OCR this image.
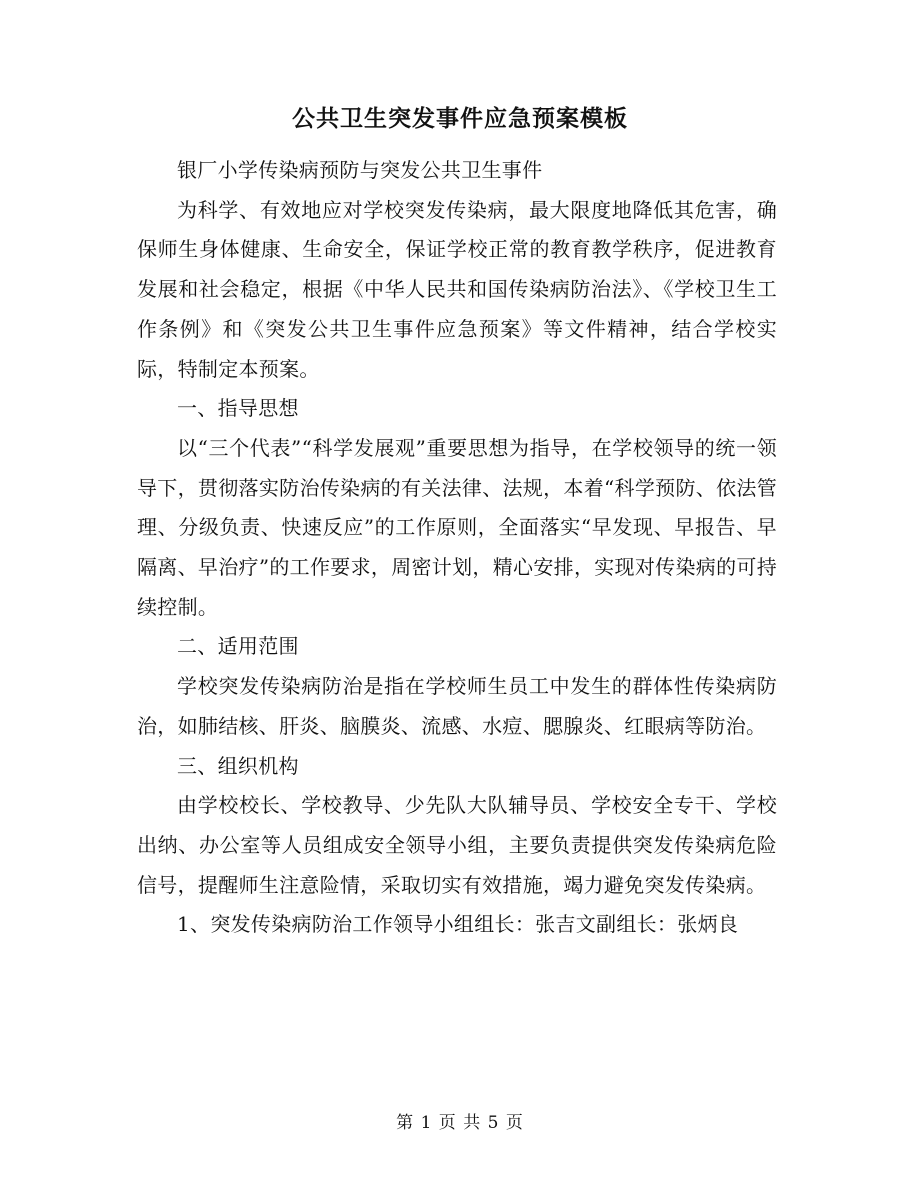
公共卫生突发事件应急预案模板

银厂小学传染病预防与突发公共卫生事件

为科学、有效地应对学校突发传染病，最大限度地降低其危害，确保师生身体健康、生命安全，保证学校正常的教育教学秩序，促进教育发展和社会稳定，根据《中华人民共和国传染病防治法》、《学校卫生工作条例》和《突发公共卫生事件应急预案》等文件精神，结合学校实际，特制定本预案。

一、指导思想

以“三个代表”“科学发展观”重要思想为指导，在学校领导的统一领导下，贯彻落实防治传染病的有关法律、法规，本着“科学预防、依法管理、分级负责、快速反应”的工作原则，全面落实“早发现、早报告、早隔离、早治疗”的工作要求，周密计划，精心安排，实现对传染病的可持续控制。

二、适用范围

学校突发传染病防治是指在学校师生员工中发生的群体性传染病防治，如肺结核、肝炎、脑膜炎、流感、水痘、腮腺炎、红眼病等防治。

三、组织机构

由学校校长、学校教导、少先队大队辅导员、学校安全专干、学校出纳、办公室等人员组成安全领导小组，主要负责提供突发传染病危险信号，提醒师生注意险情，采取切实有效措施，竭力避免突发传染病。

1、突发传染病防治工作领导小组组长：张吉文副组长：张炳良

第 1 页 共 5 页
